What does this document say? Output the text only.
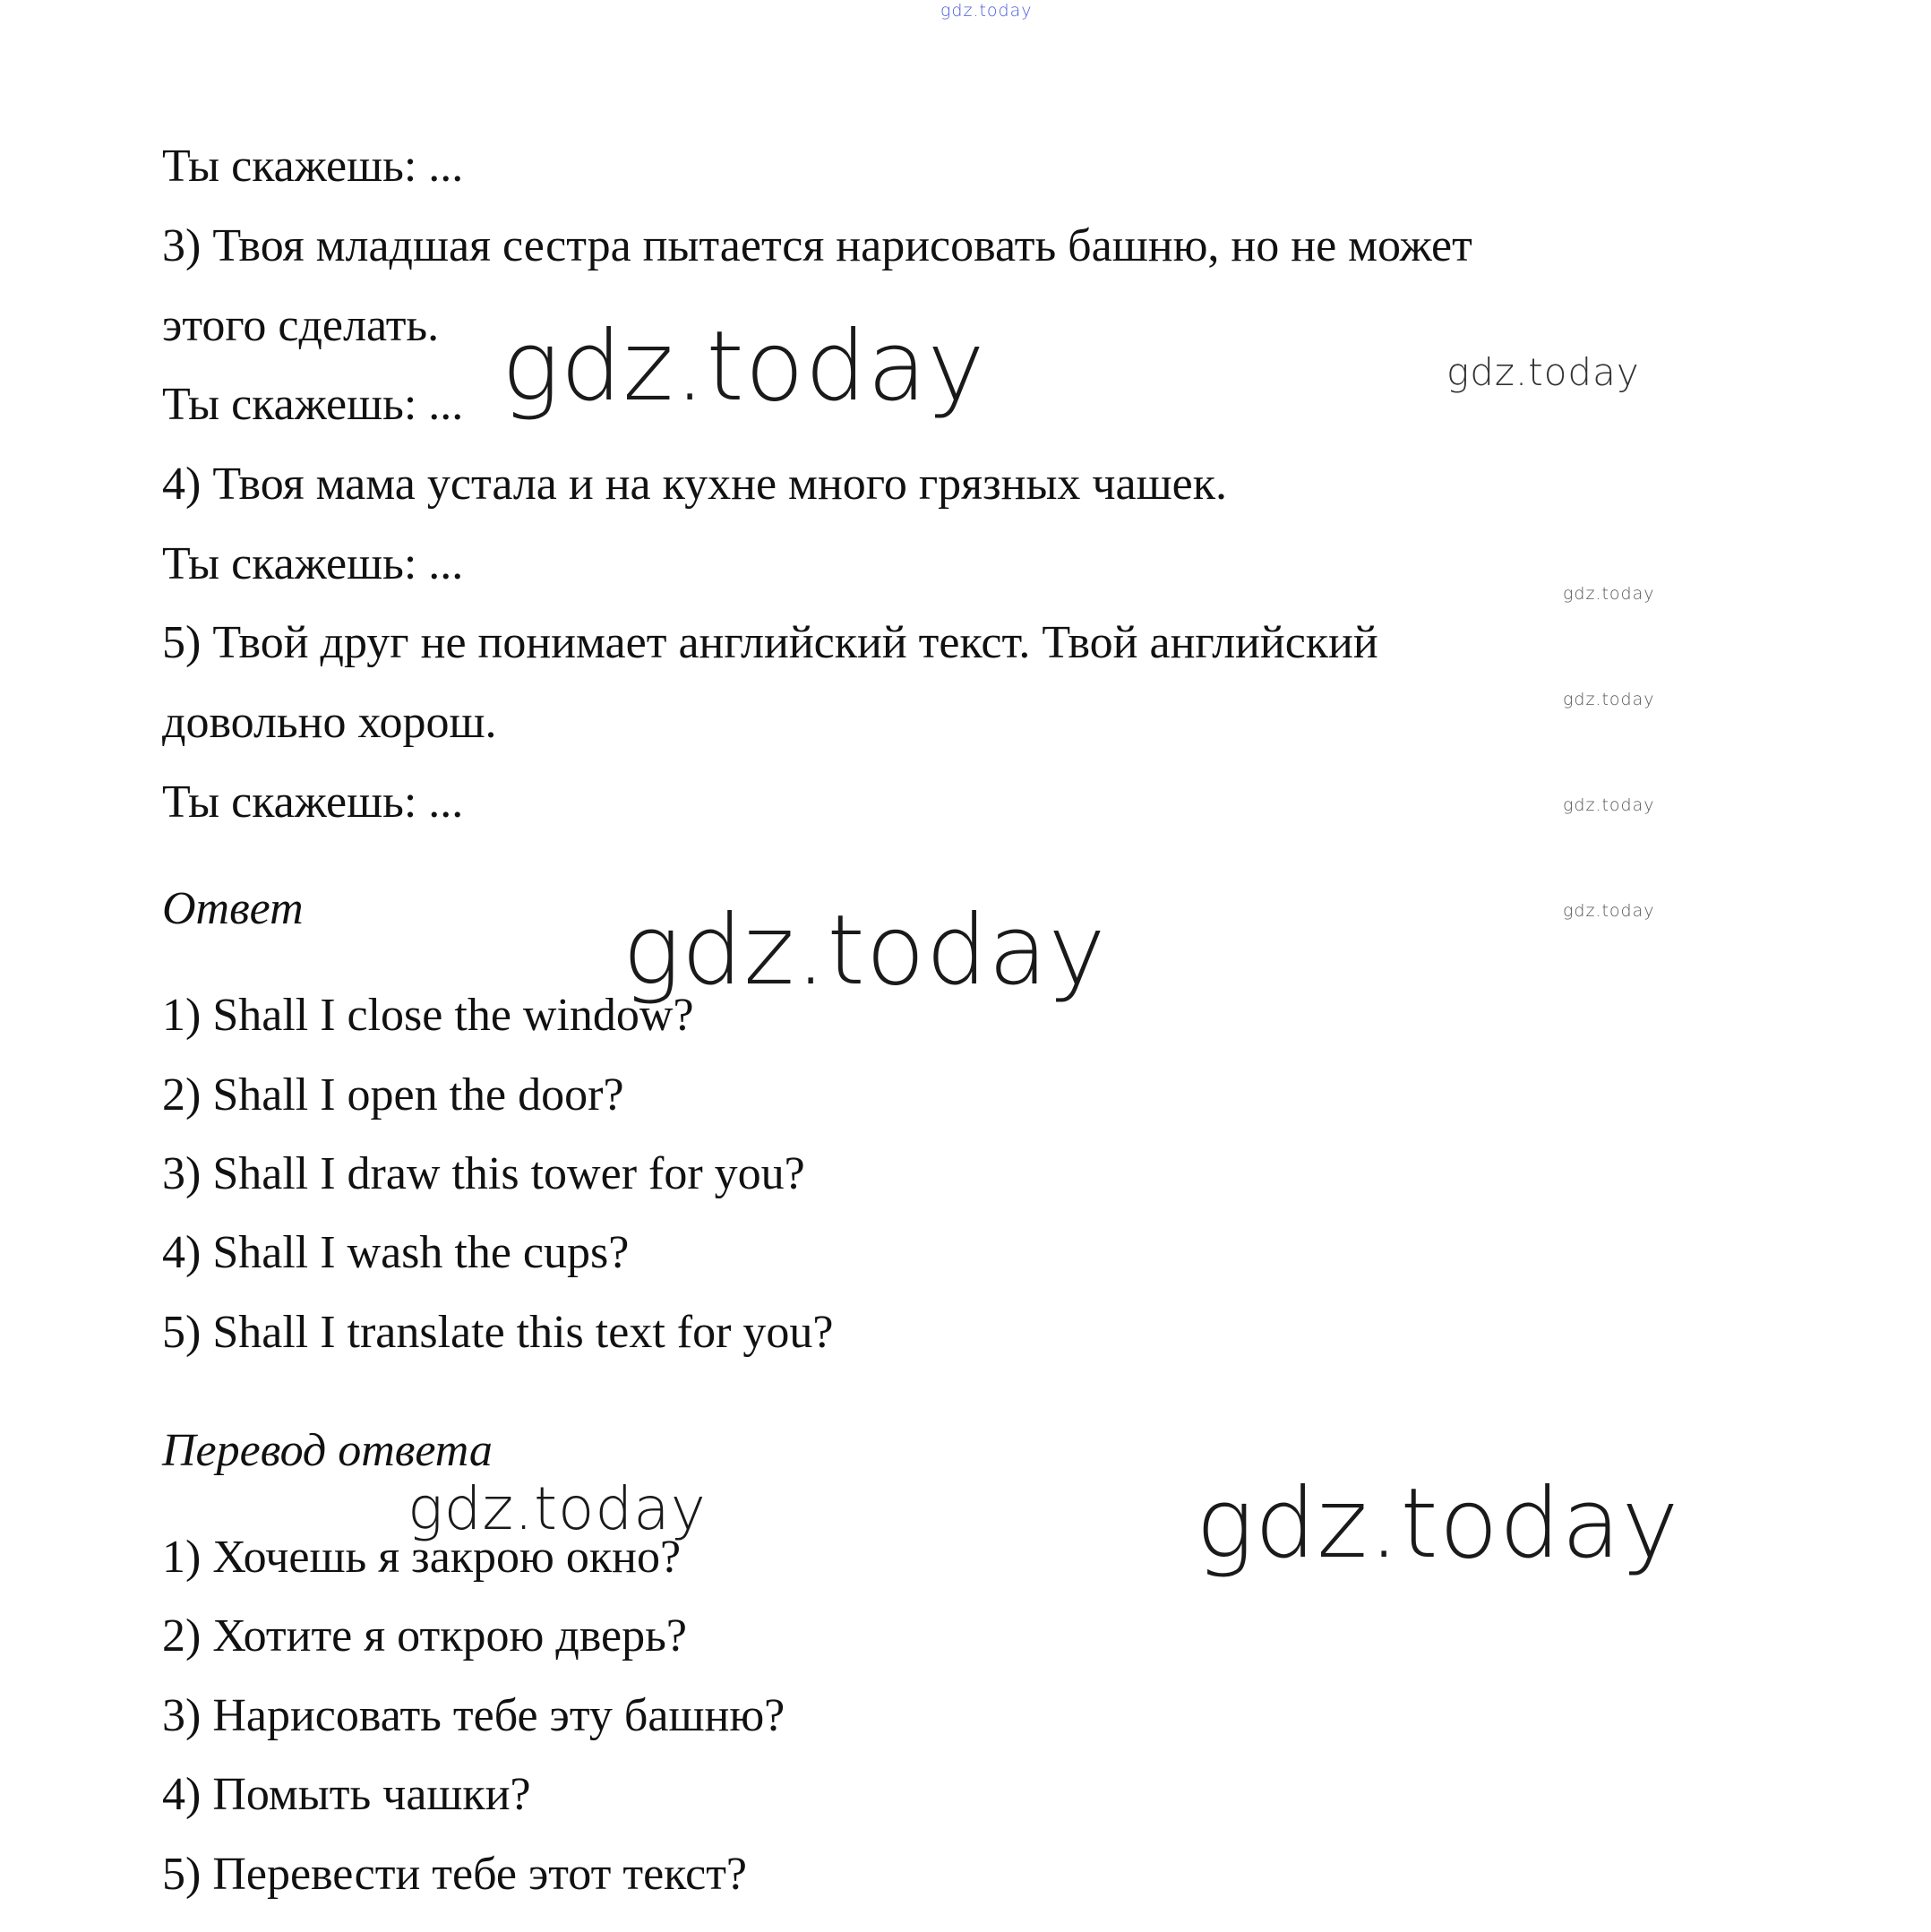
gdz.today
gdz.today	gdz.today
gdz.today
gdz.today
gdz.today
gdz.today
gdz.today
gdz.today	gdz.today

Ты скажешь: ...

3) Твоя младшая сестра пытается нарисовать башню, но не может

этого сделать.

Ты скажешь: ...

4) Твоя мама устала и на кухне много грязных чашек.

Ты скажешь: ...

5) Твой друг не понимает английский текст. Твой английский

довольно хорош.

Ты скажешь: ...

Ответ

1) Shall I close the window?

2) Shall I open the door?

3) Shall I draw this tower for you?

4) Shall I wash the cups?

5) Shall I translate this text for you?

Перевод ответа

1) Хочешь я закрою окно?

2) Хотите я открою дверь?

3) Нарисовать тебе эту башню?

4) Помыть чашки?

5) Перевести тебе этот текст?
